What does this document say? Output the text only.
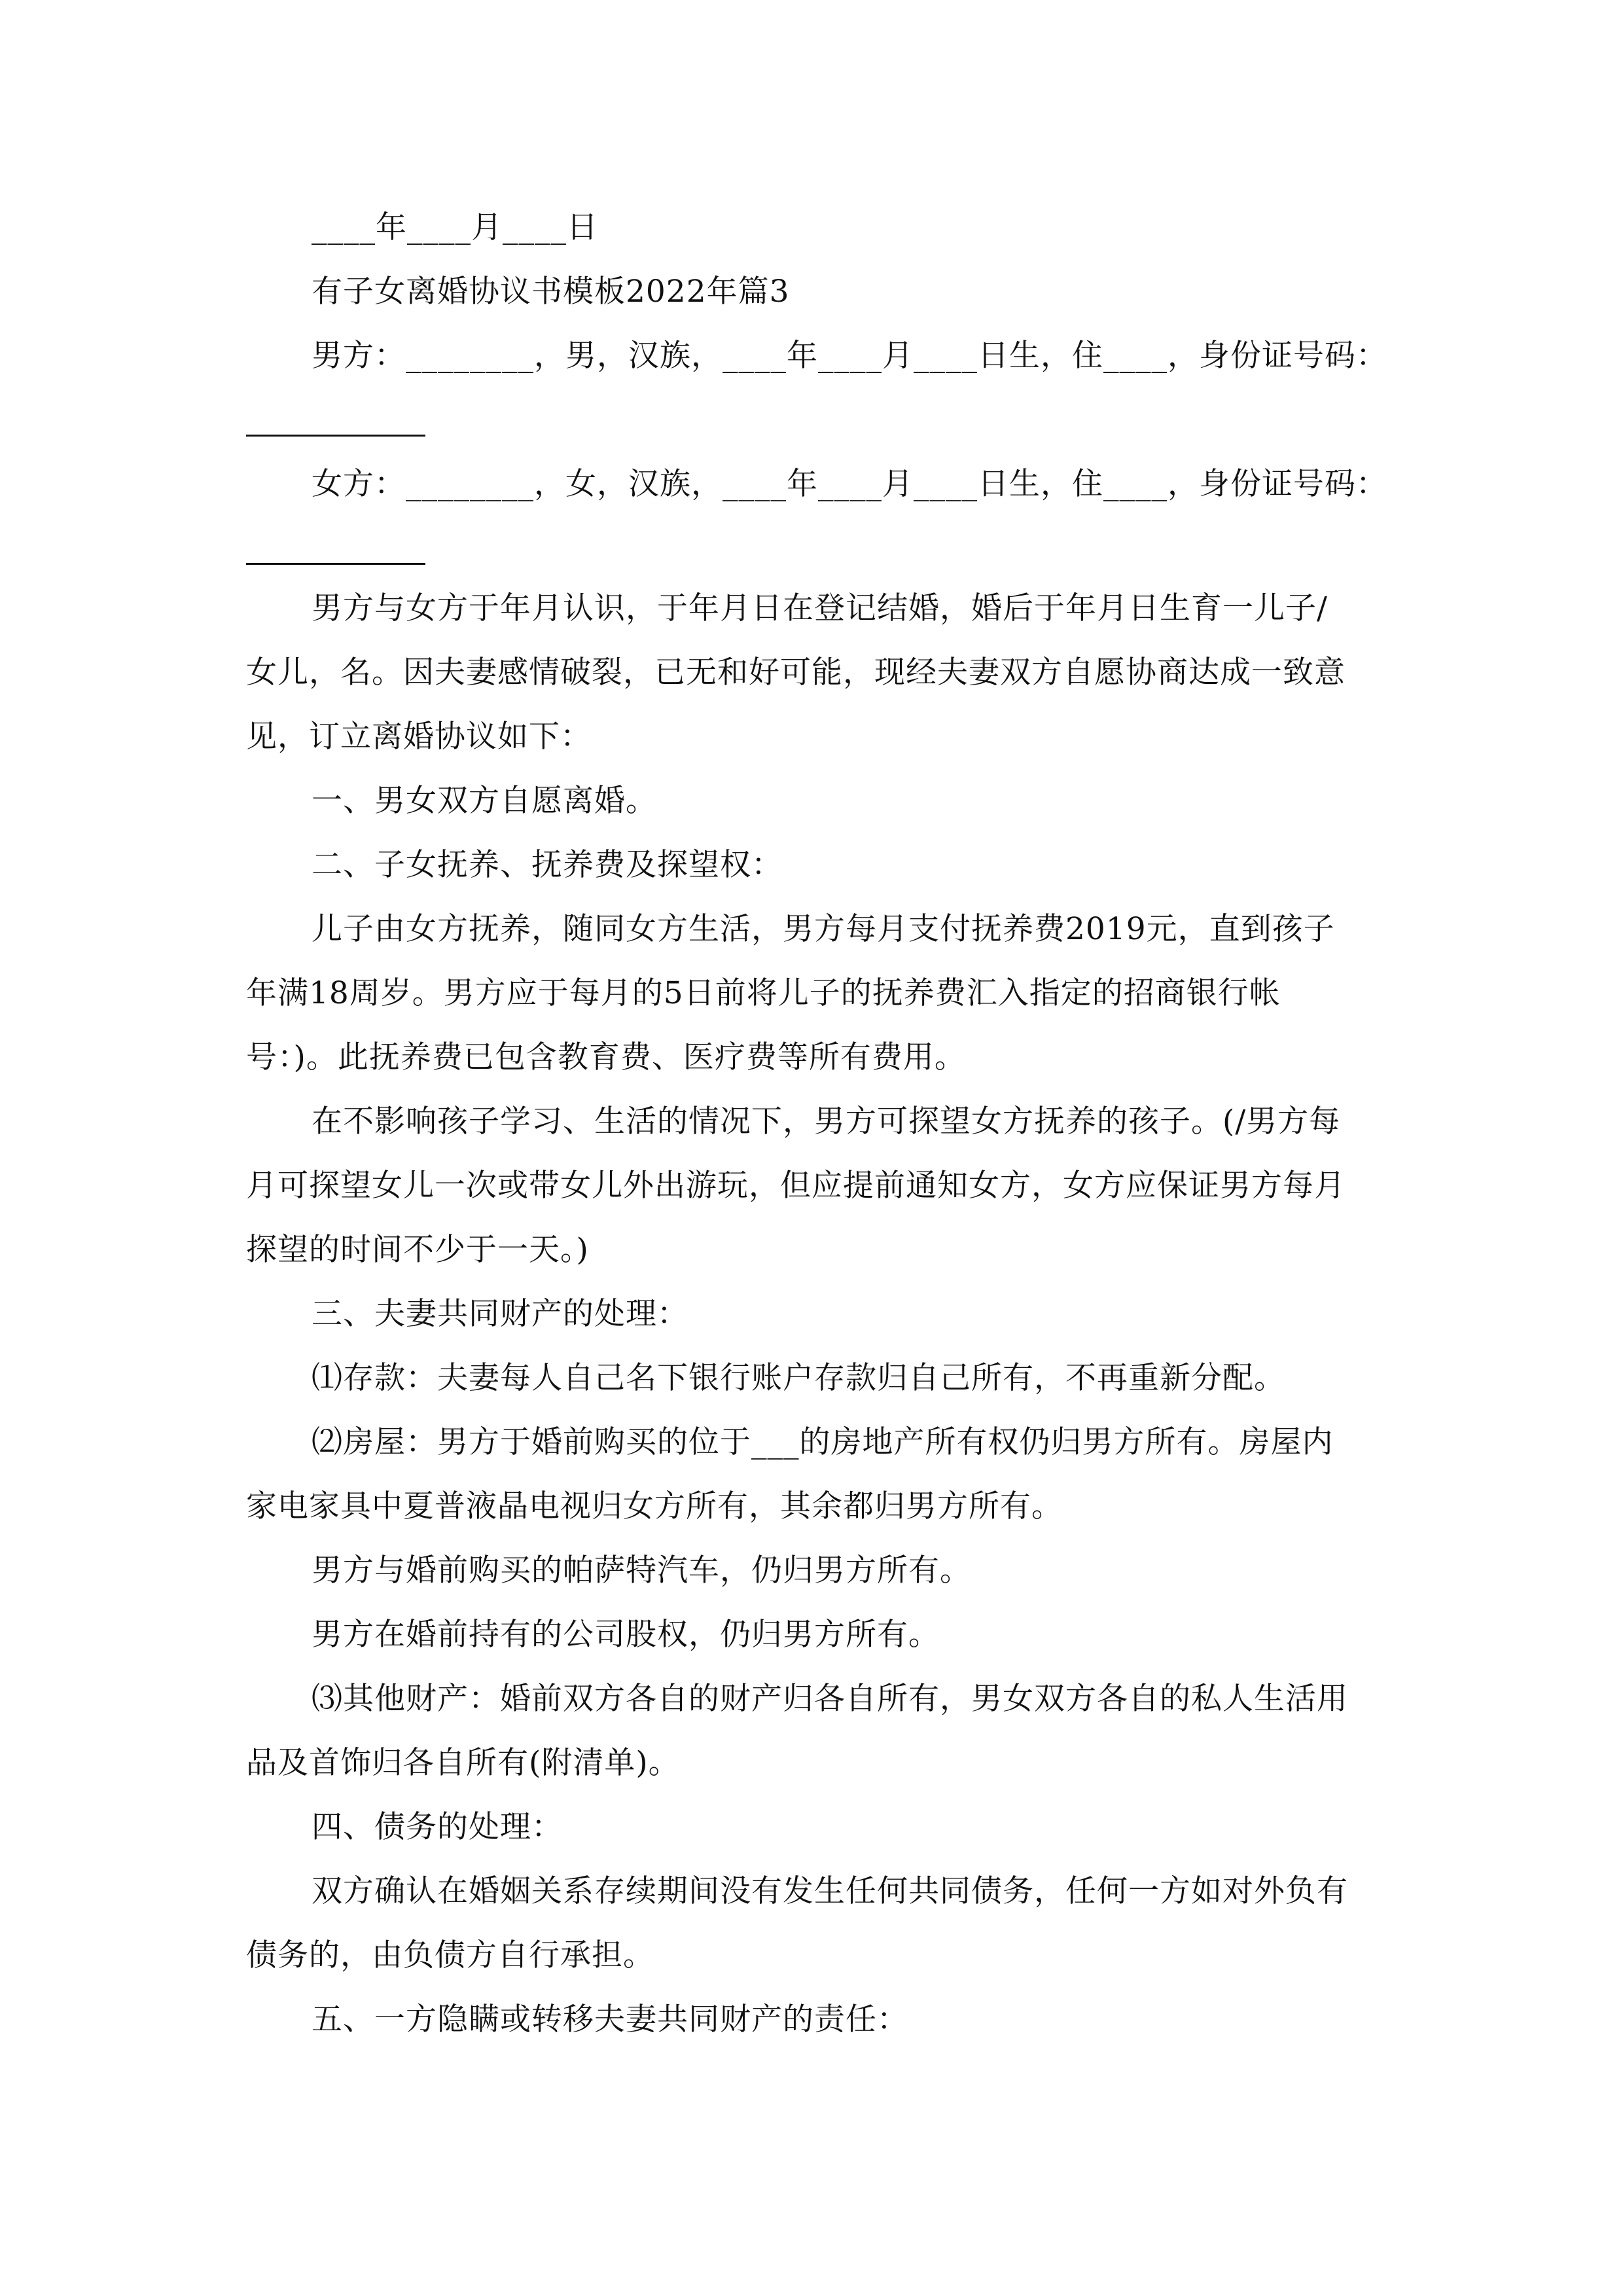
____年____月____日
有子女离婚协议书模板2022年篇3
男方：________，男，汉族，____年____月____日生，住____，身份证号码：
女方：________，女，汉族，____年____月____日生，住____，身份证号码：
男方与女方于年月认识，于年月日在登记结婚，婚后于年月日生育一儿子/
女儿，名。因夫妻感情破裂，已无和好可能，现经夫妻双方自愿协商达成一致意
见，订立离婚协议如下：
一、男女双方自愿离婚。
二、子女抚养、抚养费及探望权：
儿子由女方抚养，随同女方生活，男方每月支付抚养费2019元，直到孩子
年满18周岁。男方应于每月的5日前将儿子的抚养费汇入指定的招商银行帐
号：)。此抚养费已包含教育费、医疗费等所有费用。
在不影响孩子学习、生活的情况下，男方可探望女方抚养的孩子。(/男方每
月可探望女儿一次或带女儿外出游玩，但应提前通知女方，女方应保证男方每月
探望的时间不少于一天。)
三、夫妻共同财产的处理：
⑴存款：夫妻每人自己名下银行账户存款归自己所有，不再重新分配。
⑵房屋：男方于婚前购买的位于___的房地产所有权仍归男方所有。房屋内
家电家具中夏普液晶电视归女方所有，其余都归男方所有。
男方与婚前购买的帕萨特汽车，仍归男方所有。
男方在婚前持有的公司股权，仍归男方所有。
⑶其他财产：婚前双方各自的财产归各自所有，男女双方各自的私人生活用
品及首饰归各自所有(附清单)。
四、债务的处理：
双方确认在婚姻关系存续期间没有发生任何共同债务，任何一方如对外负有
债务的，由负债方自行承担。
五、一方隐瞒或转移夫妻共同财产的责任：
